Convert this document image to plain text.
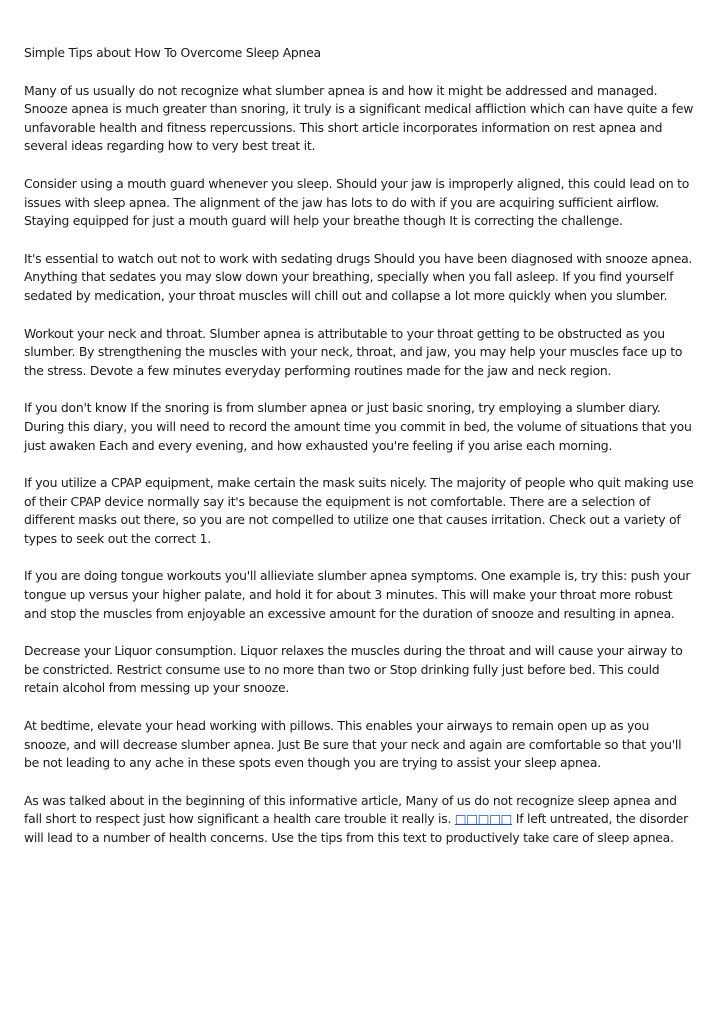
Simple Tips about How To Overcome Sleep Apnea

Many of us usually do not recognize what slumber apnea is and how it might be addressed and managed. Snooze apnea is much greater than snoring, it truly is a significant medical affliction which can have quite a few unfavorable health and fitness repercussions. This short article incorporates information on rest apnea and several ideas regarding how to very best treat it.

Consider using a mouth guard whenever you sleep. Should your jaw is improperly aligned, this could lead on to issues with sleep apnea. The alignment of the jaw has lots to do with if you are acquiring sufficient airflow. Staying equipped for just a mouth guard will help your breathe though It is correcting the challenge.

It's essential to watch out not to work with sedating drugs Should you have been diagnosed with snooze apnea. Anything that sedates you may slow down your breathing, specially when you fall asleep. If you find yourself sedated by medication, your throat muscles will chill out and collapse a lot more quickly when you slumber.

Workout your neck and throat. Slumber apnea is attributable to your throat getting to be obstructed as you slumber. By strengthening the muscles with your neck, throat, and jaw, you may help your muscles face up to the stress. Devote a few minutes everyday performing routines made for the jaw and neck region.

If you don't know If the snoring is from slumber apnea or just basic snoring, try employing a slumber diary. During this diary, you will need to record the amount time you commit in bed, the volume of situations that you just awaken Each and every evening, and how exhausted you're feeling if you arise each morning.

If you utilize a CPAP equipment, make certain the mask suits nicely. The majority of people who quit making use of their CPAP device normally say it's because the equipment is not comfortable. There are a selection of different masks out there, so you are not compelled to utilize one that causes irritation. Check out a variety of types to seek out the correct 1.

If you are doing tongue workouts you'll allieviate slumber apnea symptoms. One example is, try this: push your tongue up versus your higher palate, and hold it for about 3 minutes. This will make your throat more robust and stop the muscles from enjoyable an excessive amount for the duration of snooze and resulting in apnea.

Decrease your Liquor consumption. Liquor relaxes the muscles during the throat and will cause your airway to be constricted. Restrict consume use to no more than two or Stop drinking fully just before bed. This could retain alcohol from messing up your snooze.

At bedtime, elevate your head working with pillows. This enables your airways to remain open up as you snooze, and will decrease slumber apnea. Just Be sure that your neck and again are comfortable so that you'll be not leading to any ache in these spots even though you are trying to assist your sleep apnea.

As was talked about in the beginning of this informative article, Many of us do not recognize sleep apnea and fall short to respect just how significant a health care trouble it really is. □□□□□ If left untreated, the disorder will lead to a number of health concerns. Use the tips from this text to productively take care of sleep apnea.
